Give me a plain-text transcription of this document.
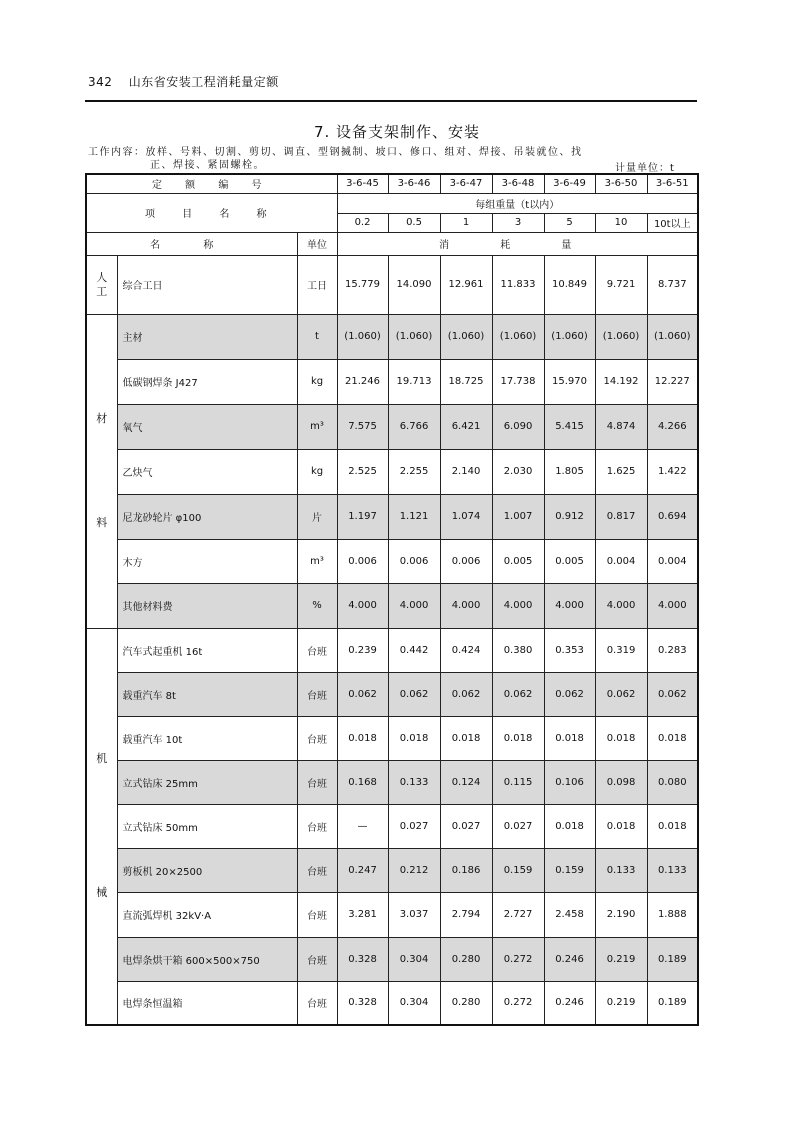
342 山东省安装工程消耗量定额
7. 设备支架制作、安装
工作内容：放样、号料、切割、剪切、调直、型钢揻制、坡口、修口、组对、焊接、吊装就位、找
正、焊接、紧固螺栓。	计量单位：t
定 额 编 号			3-6-45	3-6-46	3-6-47	3-6-48	3-6-49	3-6-50	3-6-51
项 目 名 称			每组重量（t以内）						
			0.2	0.5	1	3	5	10	10t以上
名 称		单位	消 耗 量						

人
工	综合工日	工日	15.779	14.090	12.961	11.833	10.849	9.721	8.737

材
料	主材	t	(1.060)	(1.060)	(1.060)	(1.060)	(1.060)	(1.060)	(1.060)
	低碳钢焊条 J427	kg	21.246	19.713	18.725	17.738	15.970	14.192	12.227
	氧气	m³	7.575	6.766	6.421	6.090	5.415	4.874	4.266
	乙炔气	kg	2.525	2.255	2.140	2.030	1.805	1.625	1.422
	尼龙砂轮片 φ100	片	1.197	1.121	1.074	1.007	0.912	0.817	0.694
	木方	m³	0.006	0.006	0.006	0.005	0.005	0.004	0.004
	其他材料费	%	4.000	4.000	4.000	4.000	4.000	4.000	4.000

机
械	汽车式起重机 16t	台班	0.239	0.442	0.424	0.380	0.353	0.319	0.283
	载重汽车 8t	台班	0.062	0.062	0.062	0.062	0.062	0.062	0.062
	载重汽车 10t	台班	0.018	0.018	0.018	0.018	0.018	0.018	0.018
	立式钻床 25mm	台班	0.168	0.133	0.124	0.115	0.106	0.098	0.080
	立式钻床 50mm	台班	—	0.027	0.027	0.027	0.018	0.018	0.018
	剪板机 20×2500	台班	0.247	0.212	0.186	0.159	0.159	0.133	0.133
	直流弧焊机 32kV·A	台班	3.281	3.037	2.794	2.727	2.458	2.190	1.888
	电焊条烘干箱 600×500×750	台班	0.328	0.304	0.280	0.272	0.246	0.219	0.189
	电焊条恒温箱	台班	0.328	0.304	0.280	0.272	0.246	0.219	0.189
